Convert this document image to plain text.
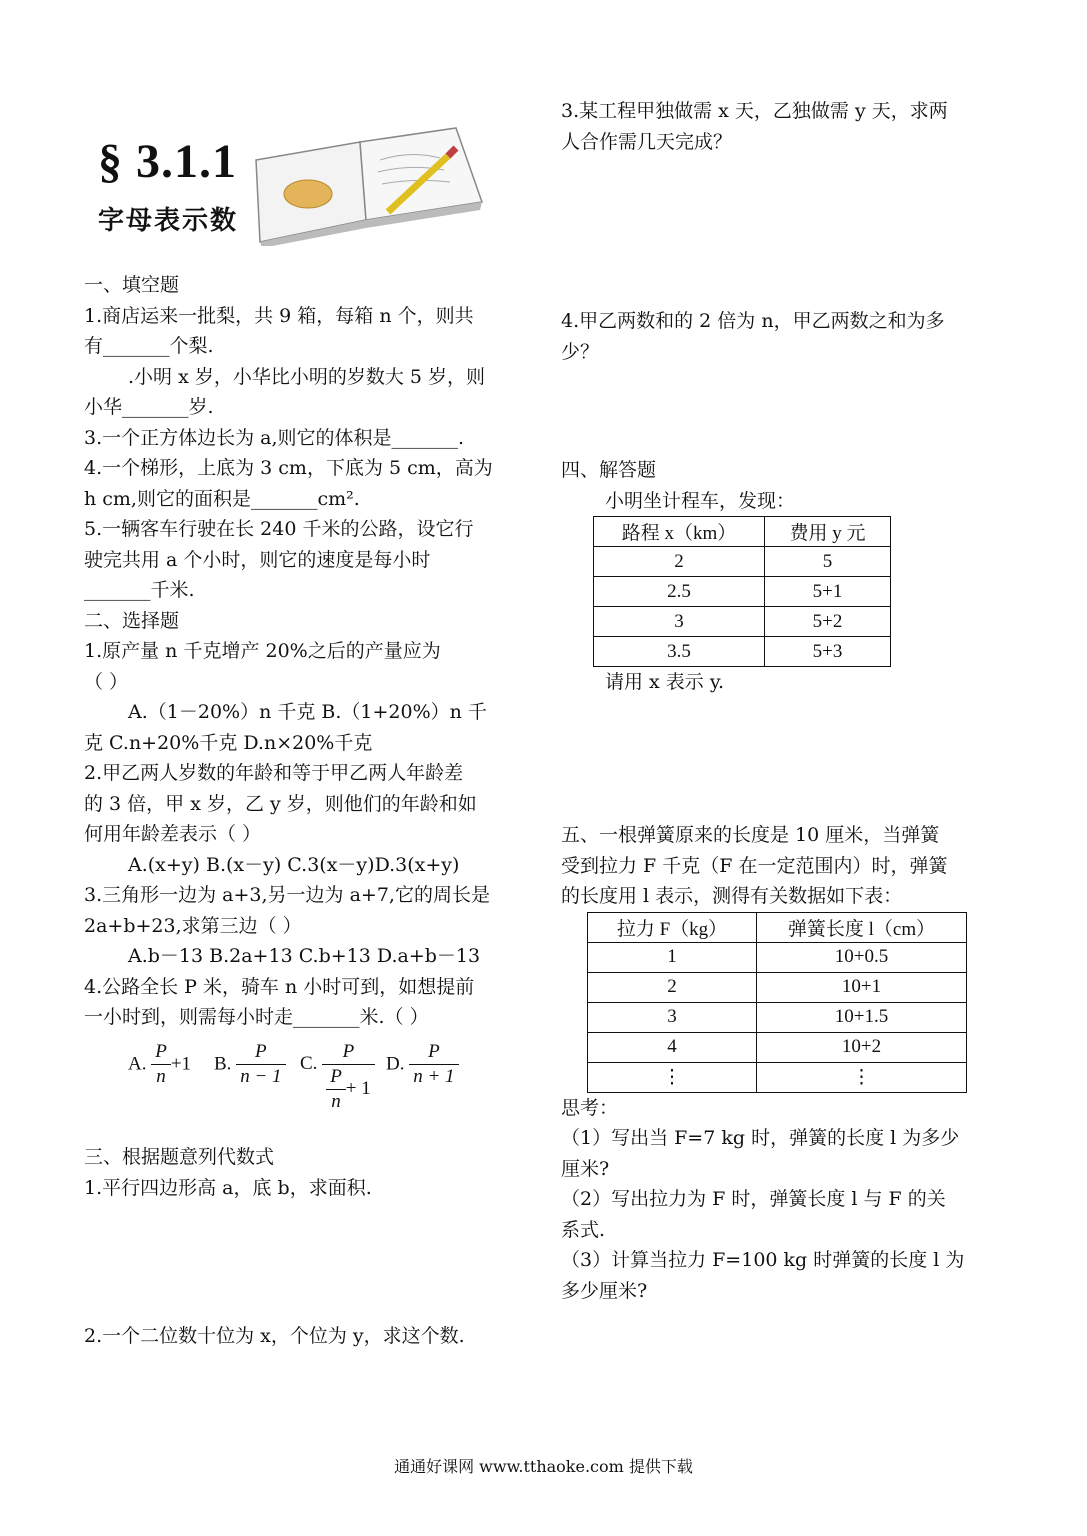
§ 3.1.1
字母表示数
一、填空题
1.商店运来一批梨，共 9 箱，每箱 n 个，则共
有_______个梨.
.小明 x 岁，小华比小明的岁数大 5 岁，则
小华_______岁.
3.一个正方体边长为 a,则它的体积是_______.
4.一个梯形，上底为 3 cm，下底为 5 cm，高为
h cm,则它的面积是_______cm².
5.一辆客车行驶在长 240 千米的公路，设它行
驶完共用 a 个小时，则它的速度是每小时
_______千米.
二、选择题
1.原产量 n 千克增产 20%之后的产量应为
（ ）
A.（1－20%）n 千克 B.（1+20%）n 千
克 C.n+20%千克 D.n×20%千克
2.甲乙两人岁数的年龄和等于甲乙两人年龄差
的 3 倍，甲 x 岁，乙 y 岁，则他们的年龄和如
何用年龄差表示（ ）
A.(x+y) B.(x－y) C.3(x－y)D.3(x+y)
3.三角形一边为 a+3,另一边为 a+7,它的周长是
2a+b+23,求第三边（ ）
A.b－13 B.2a+13 C.b+13 D.a+b－13
4.公路全长 P 米，骑车 n 小时可到，如想提前
一小时到，则需每小时走_______米.（ ）
A. $\frac{P}{n} +1$ B. $\frac{P}{n - 1} C$. $\frac{P}{\frac{P}{n} + 1} D$. $\frac{P}{n + 1}$
三、根据题意列代数式
1.平行四边形高 a，底 b，求面积.
2.一个二位数十位为 x，个位为 y，求这个数.
3.某工程甲独做需 x 天，乙独做需 y 天，求两
人合作需几天完成？
4.甲乙两数和的 2 倍为 n，甲乙两数之和为多
少？
四、解答题
小明坐计程车，发现：
路程 x（km）	费用 y 元
2	5
2.5	5+1
3	5+2
3.5	5+3
请用 x 表示 y.
五、一根弹簧原来的长度是 10 厘米，当弹簧
受到拉力 F 千克（F 在一定范围内）时，弹簧
的长度用 l 表示，测得有关数据如下表：
拉力 F（kg）	弹簧长度 l（cm）
1	10+0.5
2	10+1
3	10+1.5
4	10+2
⋮	⋮
思考：
（1）写出当 F=7 kg 时，弹簧的长度 l 为多少
厘米?
（2）写出拉力为 F 时，弹簧长度 l 与 F 的关
系式.
（3）计算当拉力 F=100 kg 时弹簧的长度 l 为
多少厘米?
通通好课网 www.tthaoke.com 提供下载
